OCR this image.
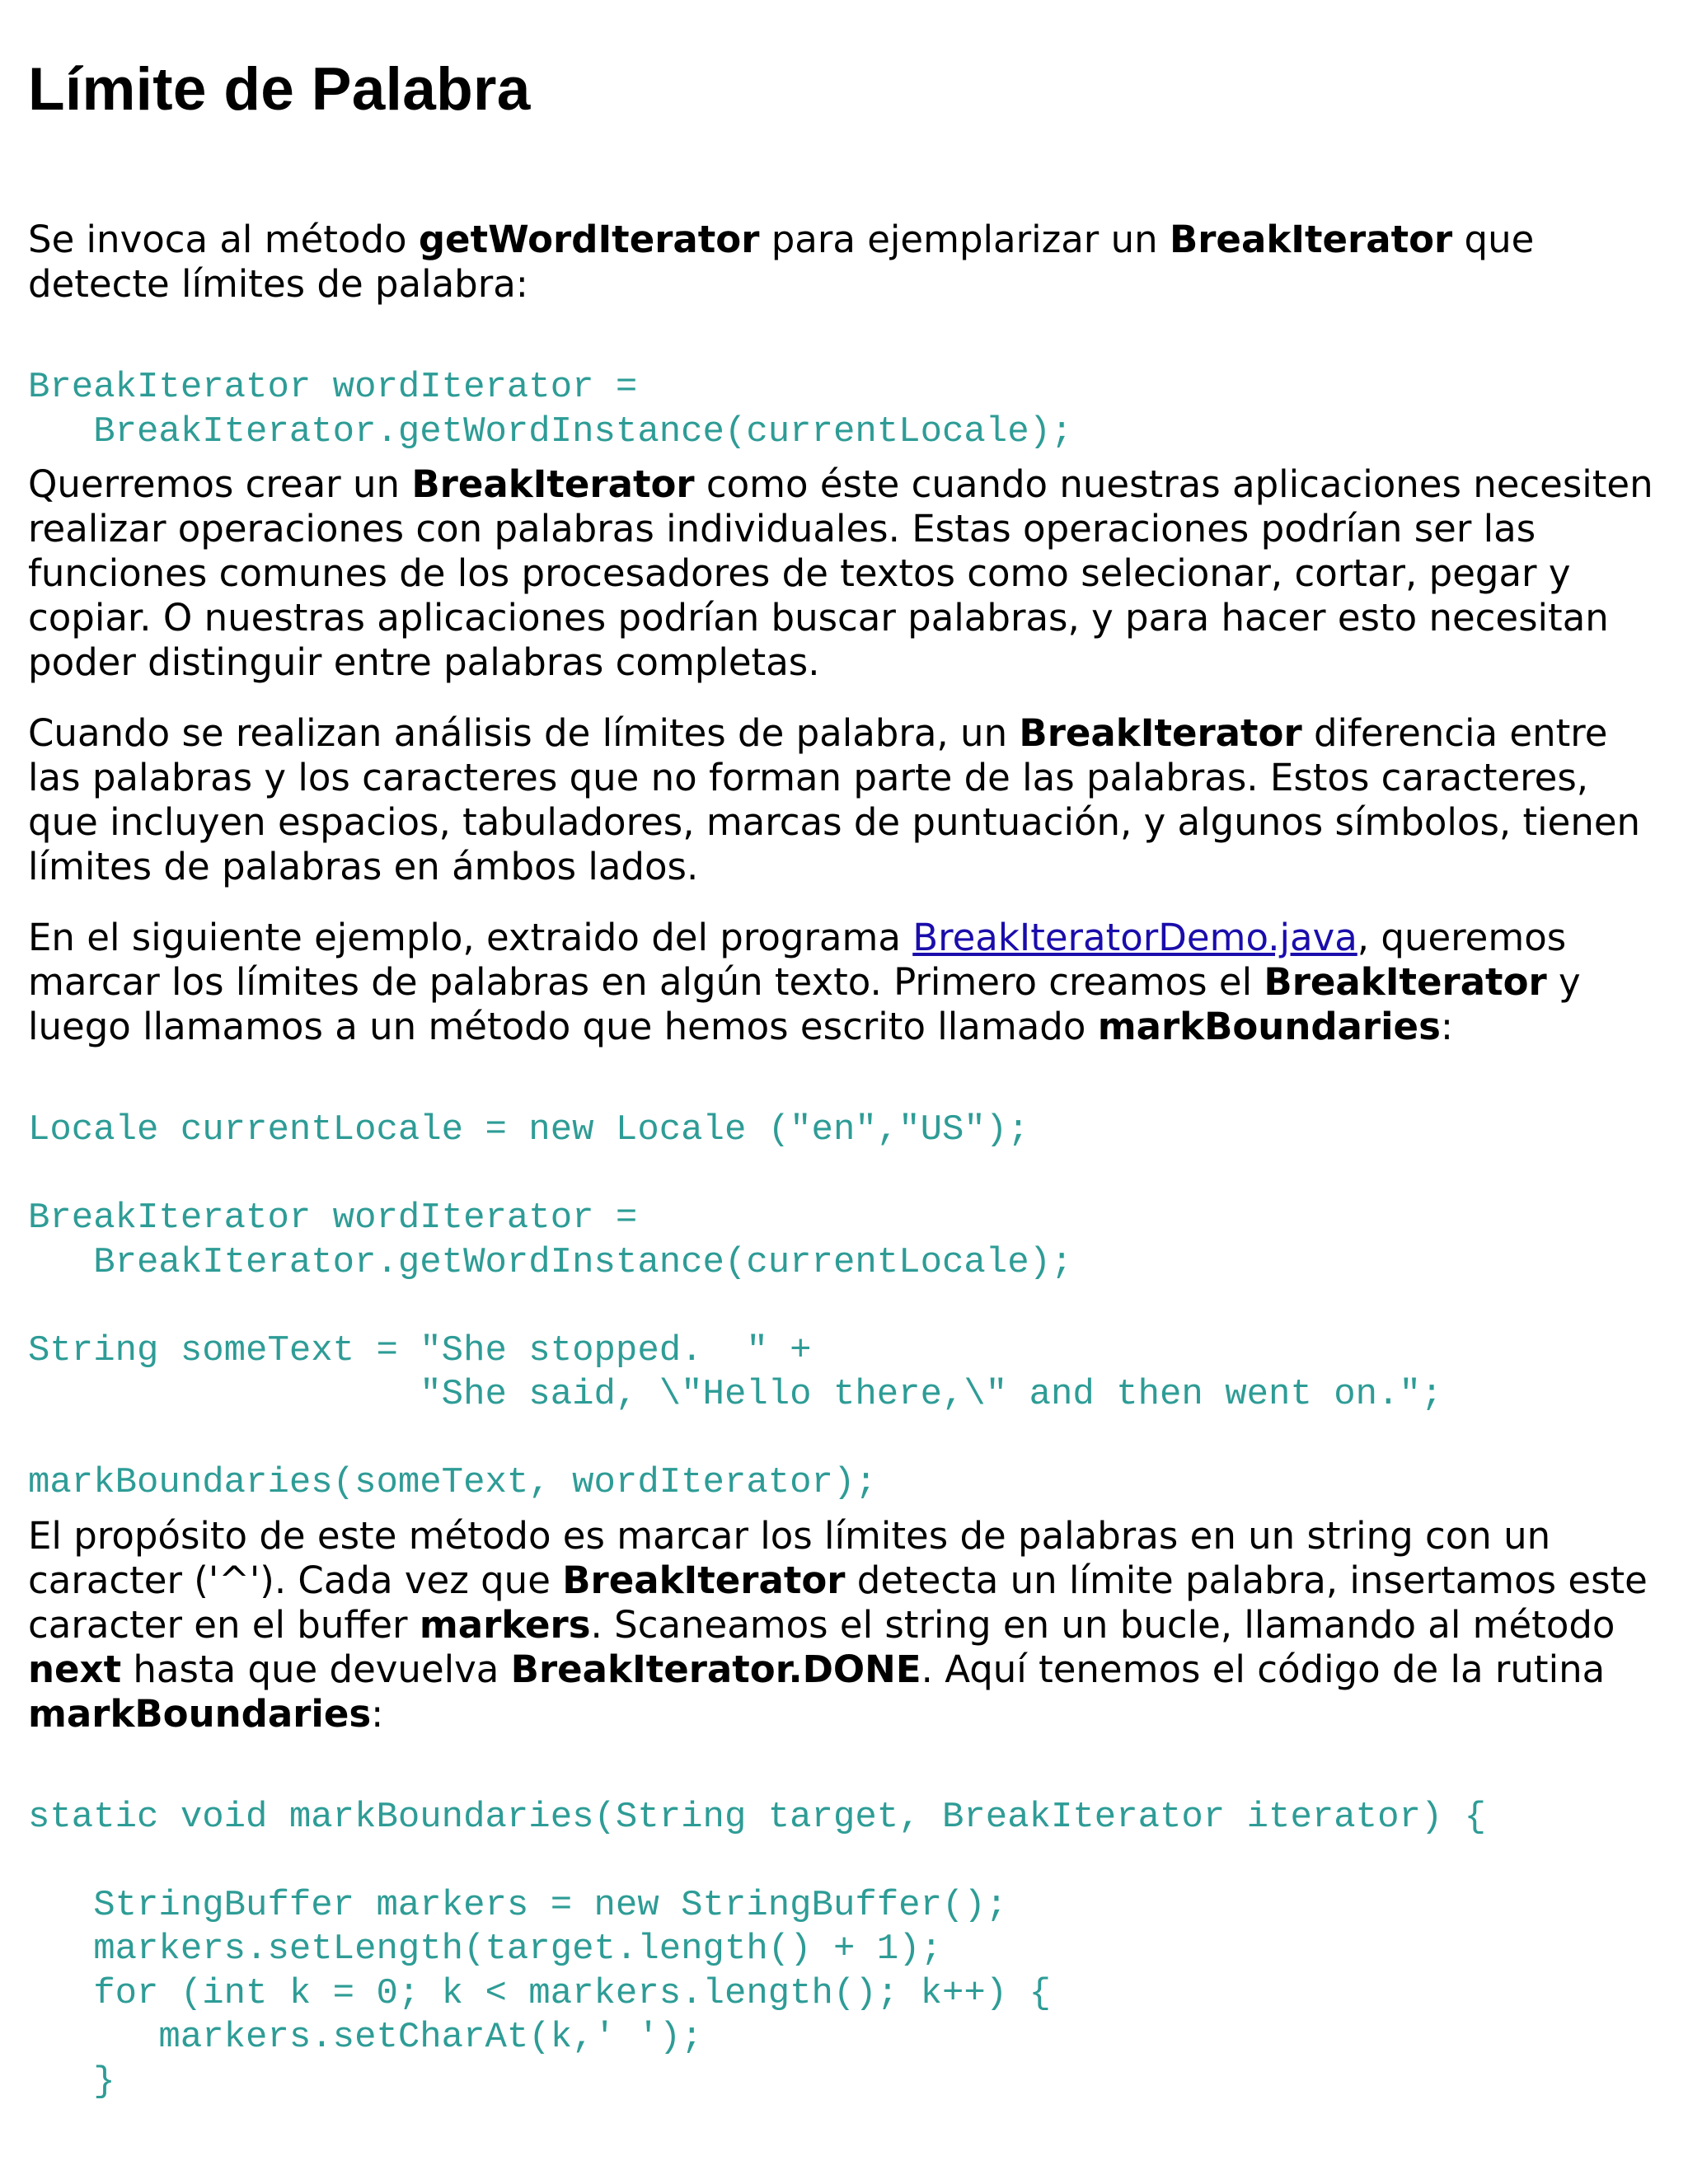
Límite de Palabra

Se invoca al método getWordIterator para ejemplarizar un BreakIterator que detecte límites de palabra:

BreakIterator wordIterator =
BreakIterator.getWordInstance(currentLocale);

Querremos crear un BreakIterator como éste cuando nuestras aplicaciones necesiten realizar operaciones con palabras individuales. Estas operaciones podrían ser las funciones comunes de los procesadores de textos como selecionar, cortar, pegar y copiar. O nuestras aplicaciones podrían buscar palabras, y para hacer esto necesitan poder distinguir entre palabras completas.

Cuando se realizan análisis de límites de palabra, un BreakIterator diferencia entre las palabras y los caracteres que no forman parte de las palabras. Estos caracteres, que incluyen espacios, tabuladores, marcas de puntuación, y algunos símbolos, tienen límites de palabras en ámbos lados.

En el siguiente ejemplo, extraido del programa BreakIteratorDemo.java, queremos marcar los límites de palabras en algún texto. Primero creamos el BreakIterator y luego llamamos a un método que hemos escrito llamado markBoundaries:

Locale currentLocale = new Locale ("en","US");

BreakIterator wordIterator =
BreakIterator.getWordInstance(currentLocale);

String someText = "She stopped.  " +
"She said, \"Hello there,\" and then went on.";

markBoundaries(someText, wordIterator);

El propósito de este método es marcar los límites de palabras en un string con un caracter ('^'). Cada vez que BreakIterator detecta un límite palabra, insertamos este caracter en el buffer markers. Scaneamos el string en un bucle, llamando al método next hasta que devuelva BreakIterator.DONE. Aquí tenemos el código de la rutina markBoundaries:

static void markBoundaries(String target, BreakIterator iterator) {

StringBuffer markers = new StringBuffer();
markers.setLength(target.length() + 1);
for (int k = 0; k < markers.length(); k++) {
markers.setCharAt(k,' ');
}
